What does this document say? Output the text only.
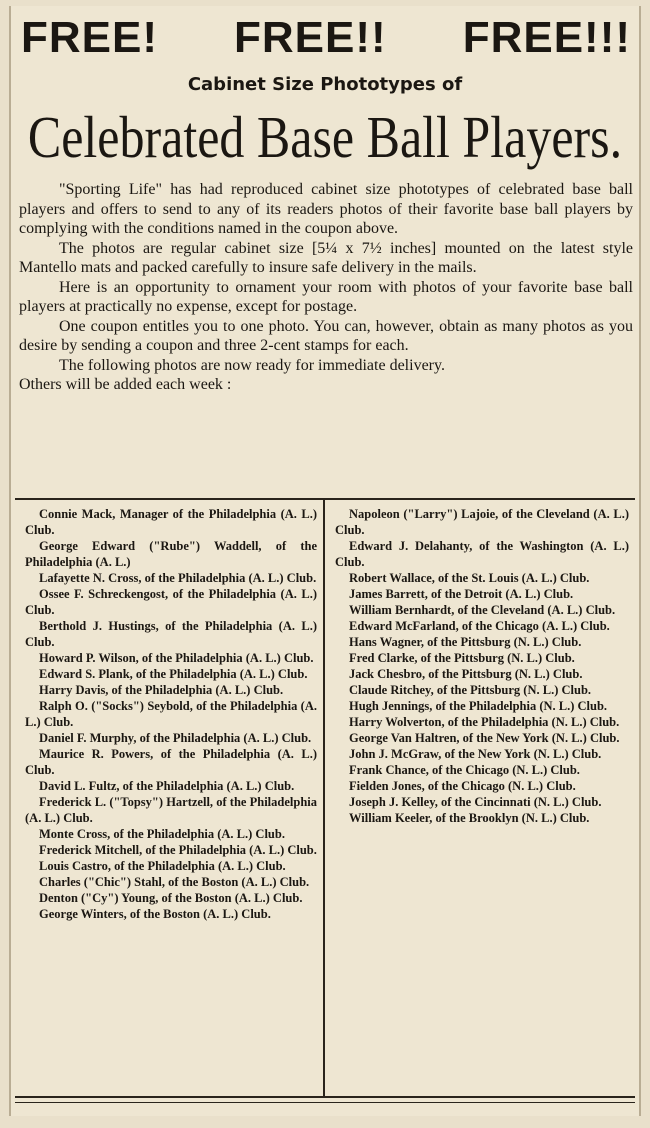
FREE! FREE!! FREE!!!
Cabinet Size Phototypes of
Celebrated Base Ball Players.

"Sporting Life" has had reproduced cabinet size phototypes of celebrated base ball players and offers to send to any of its readers photos of their favorite base ball players by complying with the conditions named in the coupon above.

The photos are regular cabinet size [5¼ x 7½ inches] mounted on the latest style Mantello mats and packed carefully to insure safe delivery in the mails.

Here is an opportunity to ornament your room with photos of your favorite base ball players at practically no expense, except for postage.

One coupon entitles you to one photo. You can, however, obtain as many photos as you desire by sending a coupon and three 2-cent stamps for each.

The following photos are now ready for immediate delivery.

Others will be added each week :

Connie Mack, Manager of the Philadelphia (A. L.) Club.

George Edward ("Rube") Waddell, of the Philadelphia (A. L.)

Lafayette N. Cross, of the Philadelphia (A. L.) Club.

Ossee F. Schreckengost, of the Philadelphia (A. L.) Club.

Berthold J. Hustings, of the Philadelphia (A. L.) Club.

Howard P. Wilson, of the Philadelphia (A. L.) Club.

Edward S. Plank, of the Philadelphia (A. L.) Club.

Harry Davis, of the Philadelphia (A. L.) Club.

Ralph O. ("Socks") Seybold, of the Philadelphia (A. L.) Club.

Daniel F. Murphy, of the Philadelphia (A. L.) Club.

Maurice R. Powers, of the Philadelphia (A. L.) Club.

David L. Fultz, of the Philadelphia (A. L.) Club.

Frederick L. ("Topsy") Hartzell, of the Philadelphia (A. L.) Club.

Monte Cross, of the Philadelphia (A. L.) Club.

Frederick Mitchell, of the Philadelphia (A. L.) Club.

Louis Castro, of the Philadelphia (A. L.) Club.

Charles ("Chic") Stahl, of the Boston (A. L.) Club.

Denton ("Cy") Young, of the Boston (A. L.) Club.

George Winters, of the Boston (A. L.) Club.

Napoleon ("Larry") Lajoie, of the Cleveland (A. L.) Club.

Edward J. Delahanty, of the Washington (A. L.) Club.

Robert Wallace, of the St. Louis (A. L.) Club.

James Barrett, of the Detroit (A. L.) Club.

William Bernhardt, of the Cleveland (A. L.) Club.

Edward McFarland, of the Chicago (A. L.) Club.

Hans Wagner, of the Pittsburg (N. L.) Club.

Fred Clarke, of the Pittsburg (N. L.) Club.

Jack Chesbro, of the Pittsburg (N. L.) Club.

Claude Ritchey, of the Pittsburg (N. L.) Club.

Hugh Jennings, of the Philadelphia (N. L.) Club.

Harry Wolverton, of the Philadelphia (N. L.) Club.

George Van Haltren, of the New York (N. L.) Club.

John J. McGraw, of the New York (N. L.) Club.

Frank Chance, of the Chicago (N. L.) Club.

Fielden Jones, of the Chicago (N. L.) Club.

Joseph J. Kelley, of the Cincinnati (N. L.) Club.

William Keeler, of the Brooklyn (N. L.) Club.
